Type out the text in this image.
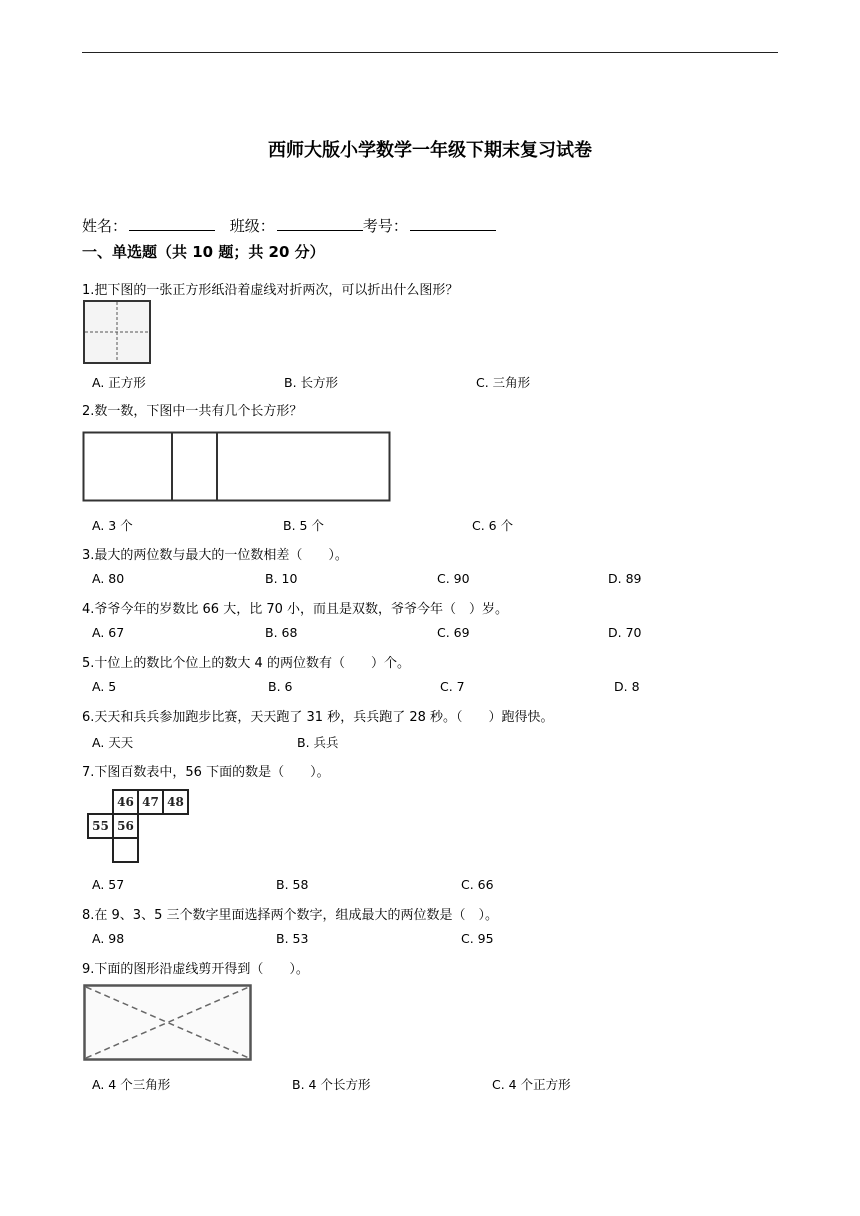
西师大版小学数学一年级下期末复习试卷
姓名：	班级：	考号：
一、单选题（共 10 题；共 20 分）
1.把下图的一张正方形纸沿着虚线对折两次，可以折出什么图形？
A. 正方形	B. 长方形	C. 三角形
2.数一数，下图中一共有几个长方形？
A. 3 个	B. 5 个	C. 6 个
3.最大的两位数与最大的一位数相差（　　）。
A. 80	B. 10	C. 90	D. 89
4.爷爷今年的岁数比 66 大，比 70 小，而且是双数，爷爷今年（　）岁。
A. 67	B. 68	C. 69	D. 70
5.十位上的数比个位上的数大 4 的两位数有（　　）个。
A. 5	B. 6	C. 7	D. 8
6.天天和兵兵参加跑步比赛，天天跑了 31 秒，兵兵跑了 28 秒。（　　）跑得快。
A. 天天	B. 兵兵
7.下图百数表中，56 下面的数是（　　）。
46 47 48
55 56
A. 57	B. 58	C. 66
8.在 9、3、5 三个数字里面选择两个数字，组成最大的两位数是（　）。
A. 98	B. 53	C. 95
9.下面的图形沿虚线剪开得到（　　）。
A. 4 个三角形	B. 4 个长方形	C. 4 个正方形
